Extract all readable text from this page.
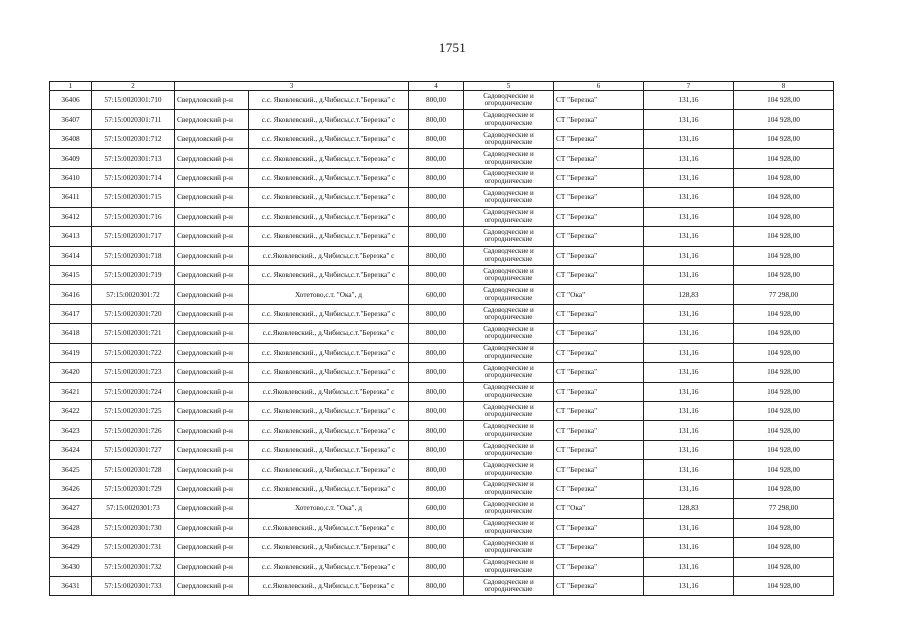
1751
1	2	3		4	5	6	7	8
36406	57:15:0020301:710	Свердловский р-н	с.с. Яковлевский., д.Чибисы,с.т."Березка" с	800,00	Садоводческие и огороднические	СТ "Березка"	131,16	104 928,00
36407	57:15:0020301:711	Свердловский р-н	с.с. Яковлевский., д.Чибисы,с.т."Березка" с	800,00	Садоводческие и огороднические	СТ "Березка"	131,16	104 928,00
36408	57:15:0020301:712	Свердловский р-н	с.с. Яковлевский., д.Чибисы,с.т."Березка" с	800,00	Садоводческие и огороднические	СТ "Березка"	131,16	104 928,00
36409	57:15:0020301:713	Свердловский р-н	с.с. Яковлевский., д.Чибисы,с.т."Березка" с	800,00	Садоводческие и огороднические	СТ "Березка"	131,16	104 928,00
36410	57:15:0020301:714	Свердловский р-н	с.с. Яковлевский., д.Чибисы,с.т."Березка" с	800,00	Садоводческие и огороднические	СТ "Березка"	131,16	104 928,00
36411	57:15:0020301:715	Свердловский р-н	с.с. Яковлевский., д.Чибисы,с.т."Березка" с	800,00	Садоводческие и огороднические	СТ "Березка"	131,16	104 928,00
36412	57:15:0020301:716	Свердловский р-н	с.с. Яковлевский., д.Чибисы,с.т."Березка" с	800,00	Садоводческие и огороднические	СТ "Березка"	131,16	104 928,00
36413	57:15:0020301:717	Свердловский р-н	с.с. Яковлевский., д.Чибисы,с.т."Березка" с	800,00	Садоводческие и огороднические	СТ "Березка"	131,16	104 928,00
36414	57:15:0020301:718	Свердловский р-н	с.с.Яковлевский., д.Чибисы,с.т."Березка" с	800,00	Садоводческие и огороднические	СТ "Березка"	131,16	104 928,00
36415	57:15:0020301:719	Свердловский р-н	с.с. Яковлевский., д.Чибисы,с.т."Березка" с	800,00	Садоводческие и огороднические	СТ "Березка"	131,16	104 928,00
36416	57:15:0020301:72	Свердловский р-н	Хотетово,с.т. "Ока", д	600,00	Садоводческие и огороднические	СТ "Ока"	128,83	77 298,00
36417	57:15:0020301:720	Свердловский р-н	с.с. Яковлевский., д.Чибисы,с.т."Березка" с	800,00	Садоводческие и огороднические	СТ "Березка"	131,16	104 928,00
36418	57:15:0020301:721	Свердловский р-н	с.с.Яковлевский., д.Чибисы,с.т."Березка" с	800,00	Садоводческие и огороднические	СТ "Березка"	131,16	104 928,00
36419	57:15:0020301:722	Свердловский р-н	с.с. Яковлевский., д.Чибисы,с.т."Березка" с	800,00	Садоводческие и огороднические	СТ "Березка"	131,16	104 928,00
36420	57:15:0020301:723	Свердловский р-н	с.с. Яковлевский., д.Чибисы,с.т."Березка" с	800,00	Садоводческие и огороднические	СТ "Березка"	131,16	104 928,00
36421	57:15:0020301:724	Свердловский р-н	с.с.Яковлевский., д.Чибисы,с.т."Березка" с	800,00	Садоводческие и огороднические	СТ "Березка"	131,16	104 928,00
36422	57:15:0020301:725	Свердловский р-н	с.с. Яковлевский., д.Чибисы,с.т."Березка" с	800,00	Садоводческие и огороднические	СТ "Березка"	131,16	104 928,00
36423	57:15:0020301:726	Свердловский р-н	с.с. Яковлевский., д.Чибисы,с.т."Березка" с	800,00	Садоводческие и огороднические	СТ "Березка"	131,16	104 928,00
36424	57:15:0020301:727	Свердловский р-н	с.с. Яковлевский., д.Чибисы,с.т."Березка" с	800,00	Садоводческие и огороднические	СТ "Березка"	131,16	104 928,00
36425	57:15:0020301:728	Свердловский р-н	с.с. Яковлевский., д.Чибисы,с.т."Березка" с	800,00	Садоводческие и огороднические	СТ "Березка"	131,16	104 928,00
36426	57:15:0020301:729	Свердловский р-н	с.с. Яковлевский., д.Чибисы,с.т."Березка" с	800,00	Садоводческие и огороднические	СТ "Березка"	131,16	104 928,00
36427	57:15:0020301:73	Свердловский р-н	Хотетово,с.т. "Ока", д	600,00	Садоводческие и огороднические	СТ "Ока"	128,83	77 298,00
36428	57:15:0020301:730	Свердловский р-н	с.с.Яковлевский., д.Чибисы,с.т."Березка" с	800,00	Садоводческие и огороднические	СТ "Березка"	131,16	104 928,00
36429	57:15:0020301:731	Свердловский р-н	с.с. Яковлевский., д.Чибисы,с.т."Березка" с	800,00	Садоводческие и огороднические	СТ "Березка"	131,16	104 928,00
36430	57:15:0020301:732	Свердловский р-н	с.с. Яковлевский., д.Чибисы,с.т."Березка" с	800,00	Садоводческие и огороднические	СТ "Березка"	131,16	104 928,00
36431	57:15:0020301:733	Свердловский р-н	с.с.Яковлевский., д.Чибисы,с.т."Березка" с	800,00	Садоводческие и огороднические	СТ "Березка"	131,16	104 928,00
